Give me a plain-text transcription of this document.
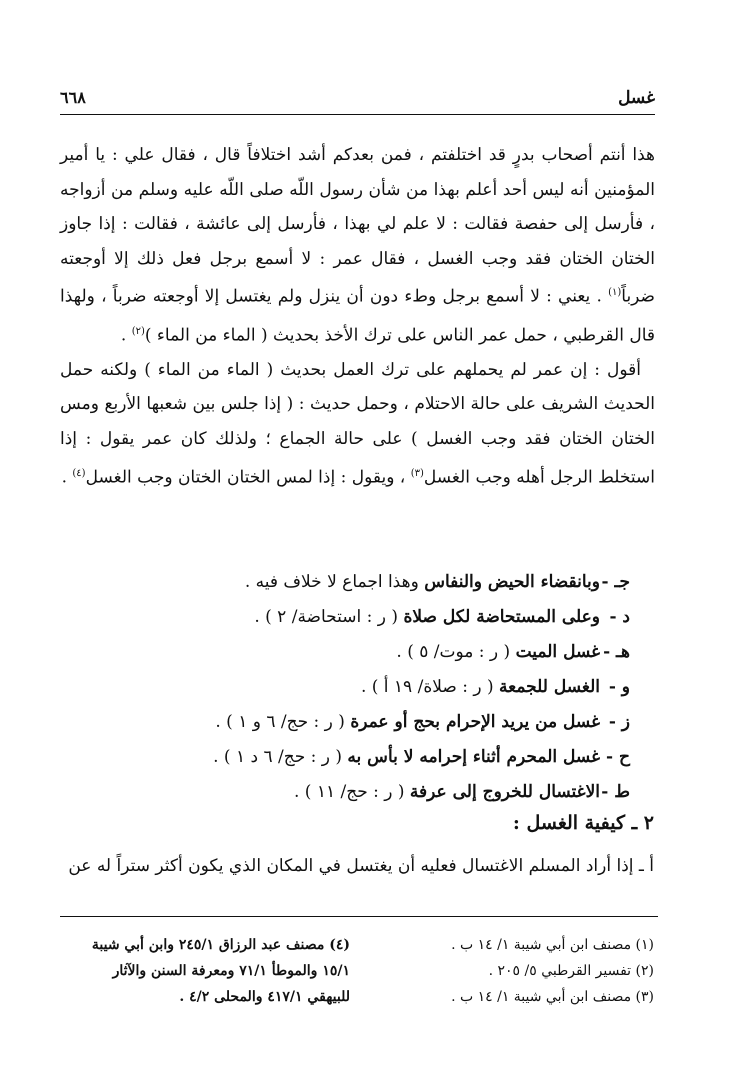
غسل
٦٦٨

هذا أنتم أصحاب بدرٍ قد اختلفتم ، فمن بعدكم أشد اختلافاً قال ، فقال علي : يا أمير المؤمنين أنه ليس أحد أعلم بهذا من شأن رسول اللّه صلى اللّه عليه وسلم من أزواجه ، فأرسل إلى حفصة فقالت : لا علم لي بهذا ، فأرسل إلى عائشة ، فقالت : إذا جاوز الختان الختان فقد وجب الغسل ، فقال عمر : لا أسمع برجل فعل ذلك إلا أوجعته ضرباً$^{(١)}$ . يعني : لا أسمع برجل وطء دون أن ينزل ولم يغتسل إلا أوجعته ضرباً ، ولهذا قال القرطبي ، حمل عمر الناس على ترك الأخذ بحديث ( الماء من الماء )$^{(٢)}$ .

أقول : إن عمر لم يحملهم على ترك العمل بحديث ( الماء من الماء ) ولكنه حمل الحديث الشريف على حالة الاحتلام ، وحمل حديث : ( إذا جلس بين شعبها الأربع ومس الختان الختان فقد وجب الغسل ) على حالة الجماع ؛ ولذلك كان عمر يقول : إذا استخلط الرجل أهله وجب الغسل$^{(٣)}$ ، ويقول : إذا لمس الختان الختان وجب الغسل$^{(٤)}$ .

جـ -وبانقضاء الحيض والنفاس وهذا اجماع لا خلاف فيه .
د -وعلى المستحاضة لكل صلاة ( ر : استحاضة/ ٢ ) .
هـ -غسل الميت ( ر : موت/ ٥ ) .
و -الغسل للجمعة ( ر : صلاة/ ١٩ أ ) .
ز -غسل من يريد الإحرام بحج أو عمرة ( ر : حج/ ٦ و ١ ) .
ح -غسل المحرم أثناء إحرامه لا بأس به ( ر : حج/ ٦ د ١ ) .
ط -الاغتسال للخروج إلى عرفة ( ر : حج/ ١١ ) .
٢ ـ كيفية الغسل :
أ ـ إذا أراد المسلم الاغتسال فعليه أن يغتسل في المكان الذي يكون أكثر ستراً له عن
(١) مصنف ابن أبي شيبة ١/ ١٤ ب .
(٢) تفسير القرطبي ٥/ ٢٠٥ .
(٣) مصنف ابن أبي شيبة ١/ ١٤ ب .
(٤) مصنف عبد الرزاق ٢٤٥/١ وابن أبي شيبة
١٥/١ والموطأ ٧١/١ ومعرفة السنن والآثار
للبيهقي ٤١٧/١ والمحلى ٤/٢ .
